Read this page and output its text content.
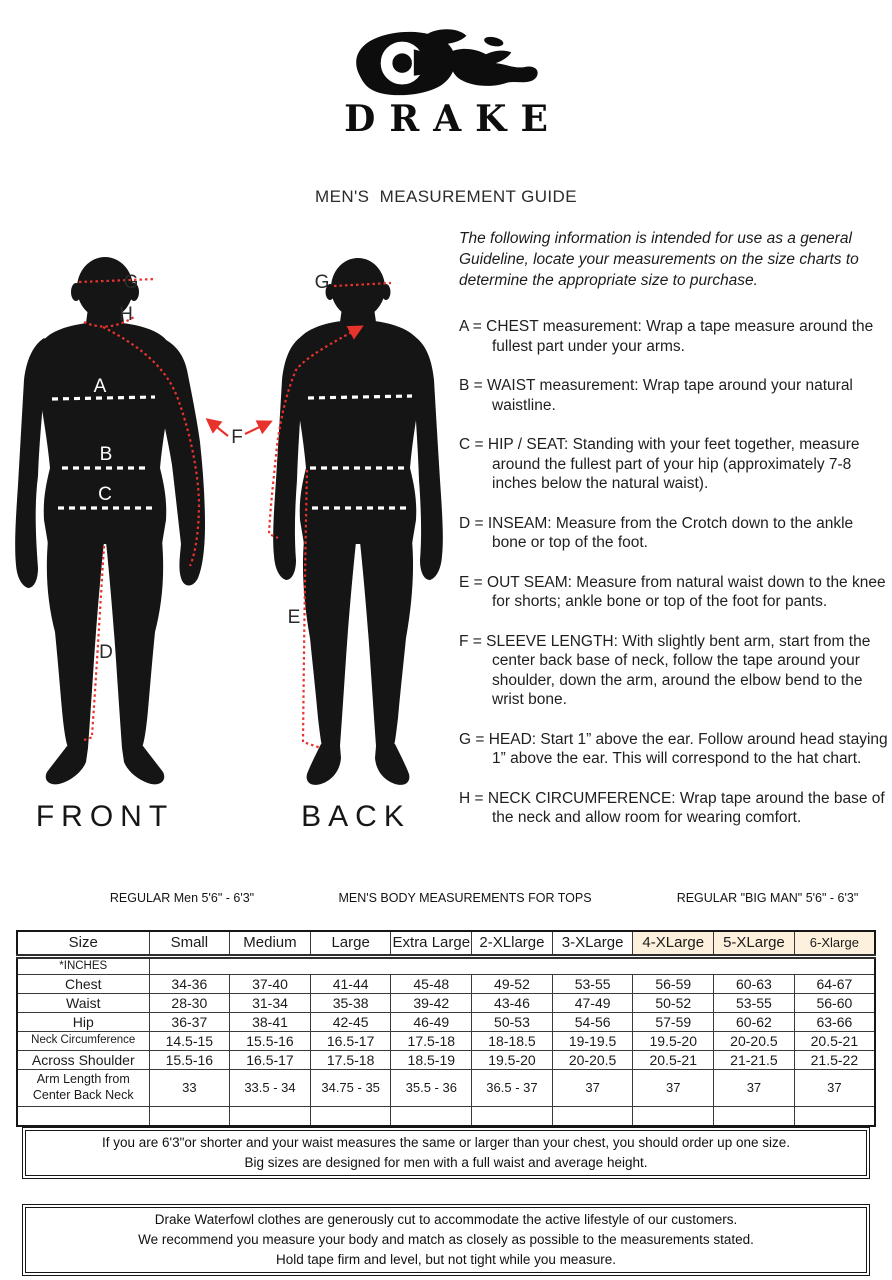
DRAKE
MEN'S  MEASUREMENT GUIDE
A
B
C
G
H
F
D
G
E
FRONT	BACK

The following information is intended for use as a general Guideline, locate your measurements on the size charts to determine the appropriate size to purchase.

A = CHEST measurement: Wrap a tape measure around the fullest part under your arms.

B = WAIST measurement: Wrap tape around your natural waistline.

C = HIP / SEAT: Standing with your feet together, measure around the fullest part of your hip (approximately 7-8 inches below the natural waist).

D = INSEAM: Measure from the Crotch down to the ankle bone or top of the foot.

E = OUT SEAM: Measure from natural waist down to the knee for shorts; ankle bone or top of the foot for pants.

F = SLEEVE LENGTH: With slightly bent arm, start from the center back base of neck, follow the tape around your shoulder, down the arm, around the elbow bend to the wrist bone.

G = HEAD: Start 1” above the ear. Follow around head staying 1” above the ear. This will correspond to the hat chart.

H = NECK CIRCUMFERENCE: Wrap tape around the base of the neck and allow room for wearing comfort.

REGULAR Men 5'6" - 6'3"	MEN'S BODY MEASUREMENTS FOR TOPS	REGULAR "BIG MAN" 5'6" - 6'3"
Size	Small	Medium	Large	Extra Large	2-XLlarge	3-XLarge	4-XLarge	5-XLarge	6-Xlarge
*INCHES									
Chest	34-36	37-40	41-44	45-48	49-52	53-55	56-59	60-63	64-67
Waist	28-30	31-34	35-38	39-42	43-46	47-49	50-52	53-55	56-60
Hip	36-37	38-41	42-45	46-49	50-53	54-56	57-59	60-62	63-66
Neck Circumference	14.5-15	15.5-16	16.5-17	17.5-18	18-18.5	19-19.5	19.5-20	20-20.5	20.5-21
Across Shoulder	15.5-16	16.5-17	17.5-18	18.5-19	19.5-20	20-20.5	20.5-21	21-21.5	21.5-22
Arm Length from Center Back Neck	33	33.5 - 34	34.75 - 35	35.5 - 36	36.5 - 37	37	37	37	37

If you are 6'3"or shorter and your waist measures the same or larger than your chest, you should order up one size.
Big sizes are designed for men with a full waist and average height.
Drake Waterfowl clothes are generously cut to accommodate the active lifestyle of our customers.
We recommend you measure your body and match as closely as possible to the measurements stated.
Hold tape firm and level, but not tight while you measure.
